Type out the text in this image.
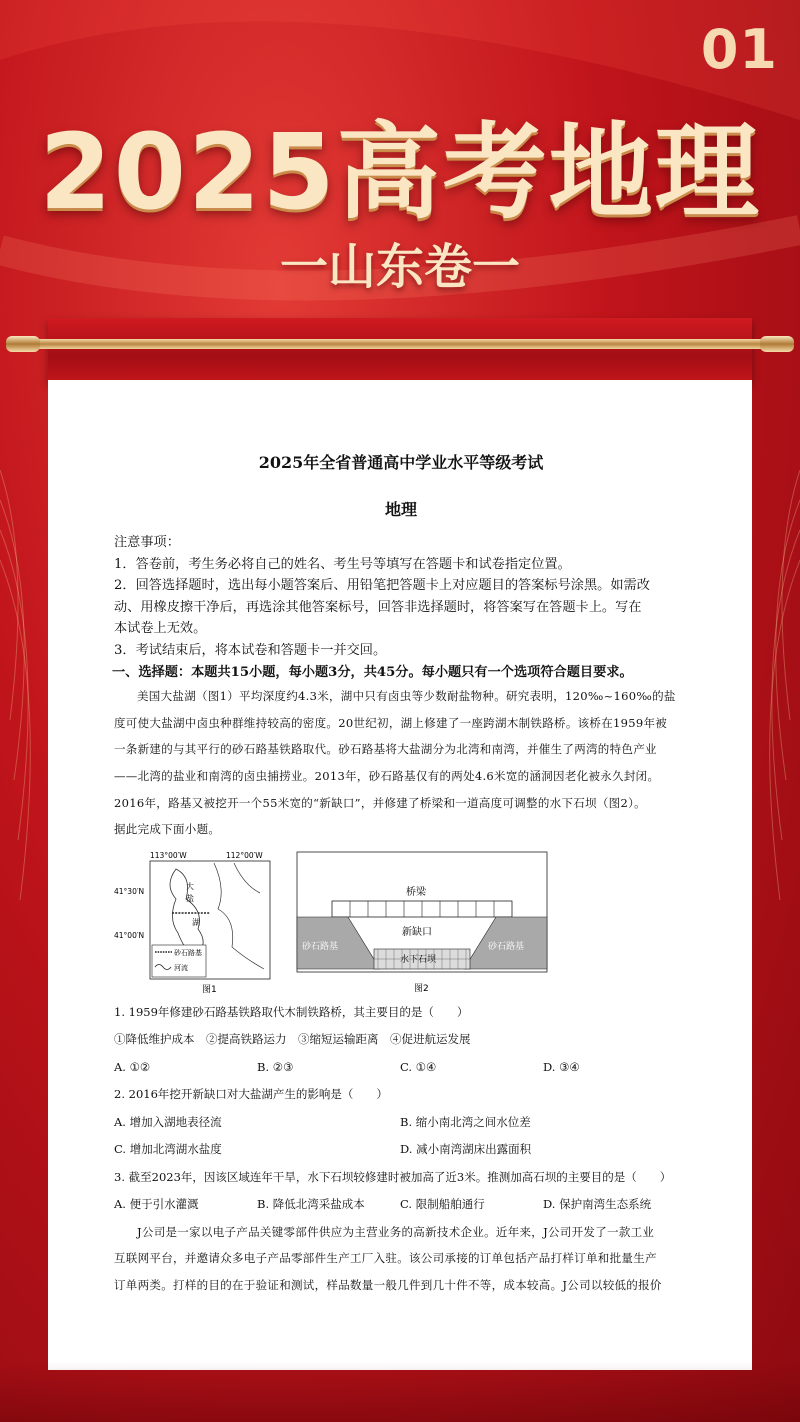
01
2025高考地理
一山东卷一
2025年全省普通高中学业水平等级考试
地理

注意事项：

1．答卷前，考生务必将自己的姓名、考生号等填写在答题卡和试卷指定位置。

2．回答选择题时，选出每小题答案后、用铅笔把答题卡上对应题目的答案标号涂黑。如需改

动、用橡皮擦干净后，再选涂其他答案标号，回答非选择题时，将答案写在答题卡上。写在

本试卷上无效。

3．考试结束后，将本试卷和答题卡一并交回。

一、选择题：本题共15小题，每小题3分，共45分。每小题只有一个选项符合题目要求。

美国大盐湖（图1）平均深度约4.3米，湖中只有卤虫等少数耐盐物种。研究表明，120‰~160‰的盐

度可使大盐湖中卤虫种群维持较高的密度。20世纪初，湖上修建了一座跨湖木制铁路桥。该桥在1959年被

一条新建的与其平行的砂石路基铁路取代。砂石路基将大盐湖分为北湾和南湾，并催生了两湾的特色产业

——北湾的盐业和南湾的卤虫捕捞业。2013年，砂石路基仅有的两处4.6米宽的涵洞因老化被永久封闭。

2016年，路基又被挖开一个55米宽的“新缺口”，并修建了桥梁和一道高度可调整的水下石坝（图2）。

据此完成下面小题。

113°00′W	112°00′W
41°30′N
41°00′N
大
盐
湖
砂石路基
河流
图1
桥梁
新缺口
砂石路基	砂石路基
水下石坝
图2

1. 1959年修建砂石路基铁路取代木制铁路桥，其主要目的是（　　）

①降低维护成本　②提高铁路运力　③缩短运输距离　④促进航运发展

A. ①②	B. ②③	C. ①④	D. ③④

2. 2016年挖开新缺口对大盐湖产生的影响是（　　）

A. 增加入湖地表径流	B. 缩小南北湾之间水位差
C. 增加北湾湖水盐度	D. 减小南湾湖床出露面积

3. 截至2023年，因该区域连年干旱，水下石坝较修建时被加高了近3米。推测加高石坝的主要目的是（　　）

A. 便于引水灌溉	B. 降低北湾采盐成本	C. 限制船舶通行	D. 保护南湾生态系统

J公司是一家以电子产品关键零部件供应为主营业务的高新技术企业。近年来，J公司开发了一款工业

互联网平台，并邀请众多电子产品零部件生产工厂入驻。该公司承接的订单包括产品打样订单和批量生产

订单两类。打样的目的在于验证和测试，样品数量一般几件到几十件不等，成本较高。J公司以较低的报价
